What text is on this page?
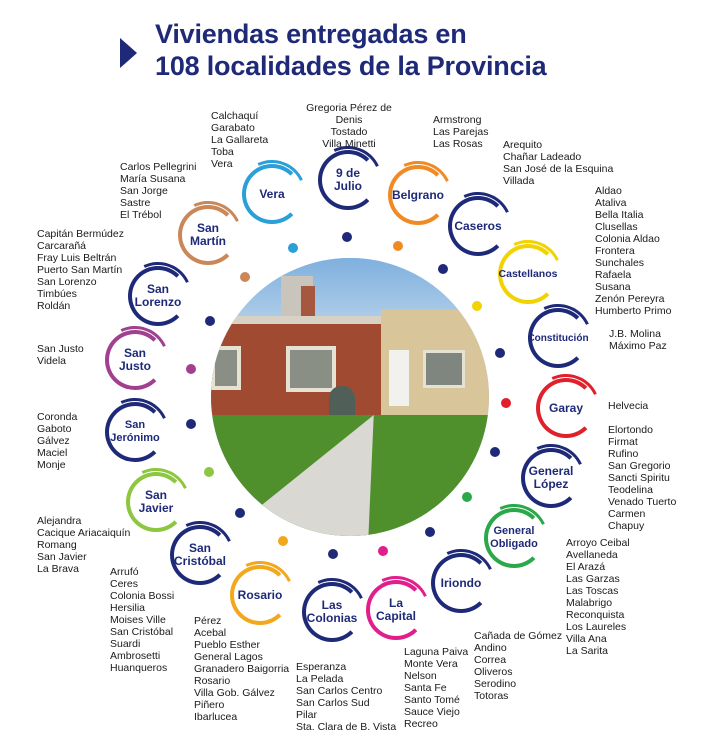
Viviendas entregadas en
108 localidades de la Provincia
9 de
Julio
Belgrano
Caseros
Castellanos
Constitución
Garay
General
López
General
Obligado
Iriondo
La
Capital
Las
Colonias
Rosario
San
Cristóbal
San
Javier
San
Jerónimo
San
Justo
San
Lorenzo
San
Martín
Vera
Gregoria Pérez de Denis
Tostado
Villa Minetti
Armstrong
Las Parejas
Las Rosas	Arequito
Chañar Ladeado
San José de la Esquina
Villada
Aldao
Ataliva
Bella Italia
Clusellas
Colonia Aldao
Frontera
Sunchales
Rafaela
Susana
Zenón Pereyra
Humberto Primo
J.B. Molina
Máximo Paz
Helvecia
Elortondo
Firmat
Rufino
San Gregorio
Sancti Spiritu
Teodelina
Venado Tuerto
Carmen
Chapuy
Arroyo Ceibal
Avellaneda
El Arazá
Las Garzas
Las Toscas
Malabrigo
Reconquista
Los Laureles
Villa Ana
La Sarita
Cañada de Gómez
Andino
Correa
Oliveros
Serodino
Totoras
Laguna Paiva
Monte Vera
Nelson
Santa Fe
Santo Tomé
Sauce Viejo
Recreo
Esperanza
La Pelada
San Carlos Centro
San Carlos Sud
Pilar
Sta. Clara de B. Vista
Pérez
Acebal
Pueblo Esther
General Lagos
Granadero Baigorria
Rosario
Villa Gob. Gálvez
Piñero
Ibarlucea
Arrufó
Ceres
Colonia Bossi
Hersilia
Moises Ville
San Cristóbal
Suardi
Ambrosetti
Huanqueros
Alejandra
Cacique Ariacaiquín
Romang
San Javier
La Brava
Coronda
Gaboto
Gálvez
Maciel
Monje
San Justo
Videla
Capitán Bermúdez
Carcarañá
Fray Luis Beltrán
Puerto San Martín
San Lorenzo
Timbúes
Roldán
Carlos Pellegrini
María Susana
San Jorge
Sastre
El Trébol
Calchaquí
Garabato
La Gallareta
Toba
Vera
